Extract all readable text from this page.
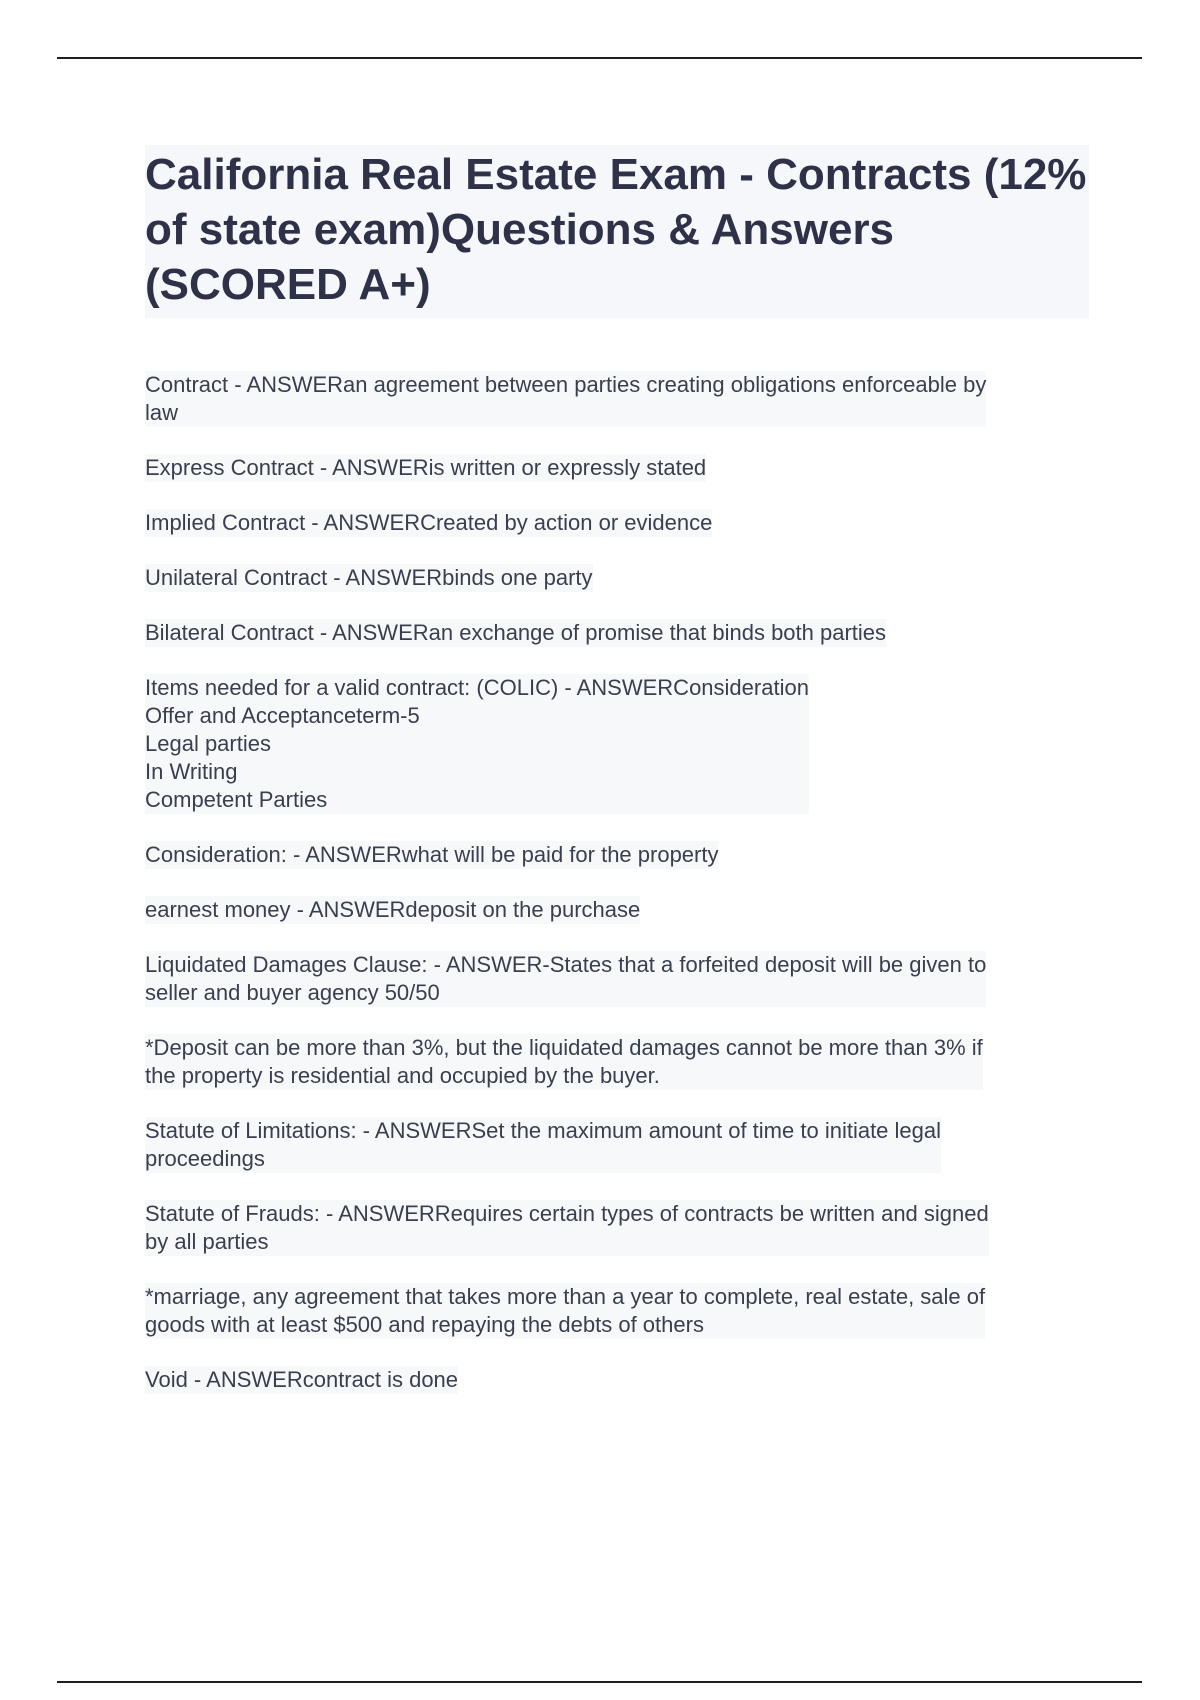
California Real Estate Exam - Contracts (12% of state exam)Questions & Answers (SCORED A+)
Contract - ANSWERan agreement between parties creating obligations enforceable by
law
Express Contract - ANSWERis written or expressly stated
Implied Contract - ANSWERCreated by action or evidence
Unilateral Contract - ANSWERbinds one party
Bilateral Contract - ANSWERan exchange of promise that binds both parties
Items needed for a valid contract: (COLIC) - ANSWERConsideration
Offer and Acceptanceterm-5
Legal parties
In Writing
Competent Parties
Consideration: - ANSWERwhat will be paid for the property
earnest money - ANSWERdeposit on the purchase
Liquidated Damages Clause: - ANSWER-States that a forfeited deposit will be given to
seller and buyer agency 50/50
*Deposit can be more than 3%, but the liquidated damages cannot be more than 3% if
the property is residential and occupied by the buyer.
Statute of Limitations: - ANSWERSet the maximum amount of time to initiate legal
proceedings
Statute of Frauds: - ANSWERRequires certain types of contracts be written and signed
by all parties
*marriage, any agreement that takes more than a year to complete, real estate, sale of
goods with at least $500 and repaying the debts of others
Void - ANSWERcontract is done
